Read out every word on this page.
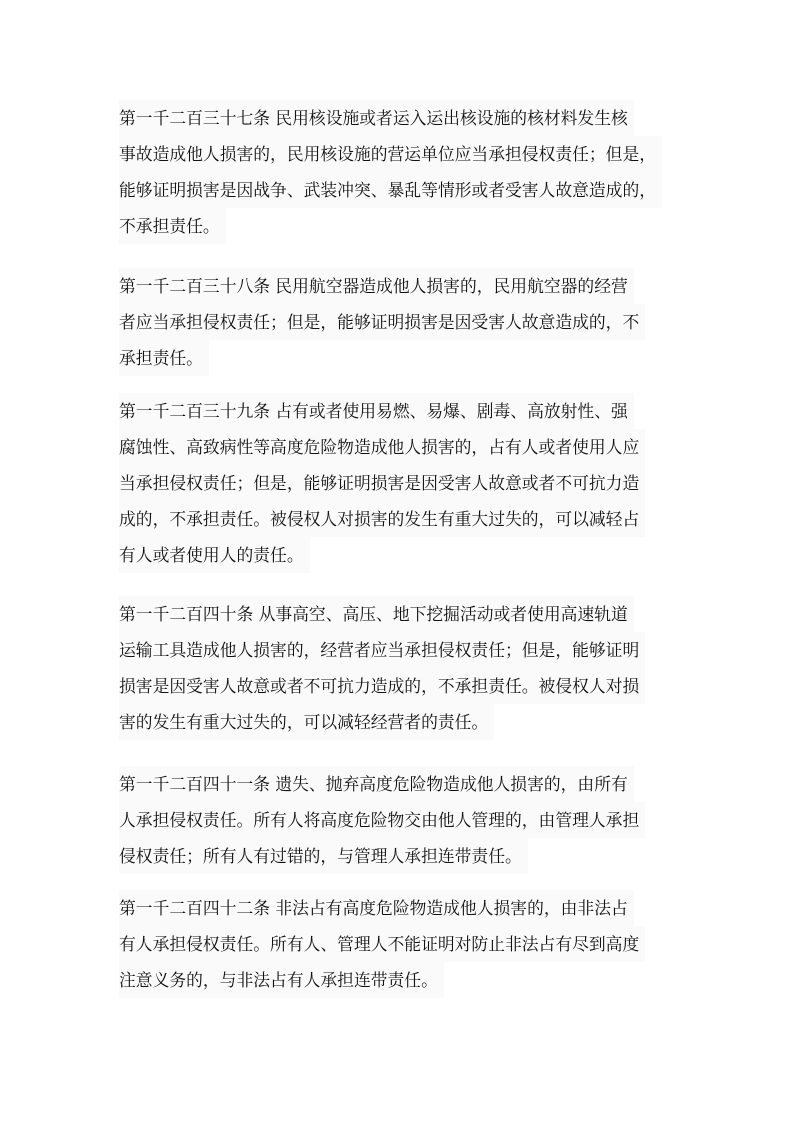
第一千二百三十七条 民用核设施或者运入运出核设施的核材料发生核
事故造成他人损害的，民用核设施的营运单位应当承担侵权责任；但是，
能够证明损害是因战争、武装冲突、暴乱等情形或者受害人故意造成的，
不承担责任。
第一千二百三十八条 民用航空器造成他人损害的，民用航空器的经营
者应当承担侵权责任；但是，能够证明损害是因受害人故意造成的，不
承担责任。
第一千二百三十九条 占有或者使用易燃、易爆、剧毒、高放射性、强
腐蚀性、高致病性等高度危险物造成他人损害的，占有人或者使用人应
当承担侵权责任；但是，能够证明损害是因受害人故意或者不可抗力造
成的，不承担责任。被侵权人对损害的发生有重大过失的，可以减轻占
有人或者使用人的责任。
第一千二百四十条 从事高空、高压、地下挖掘活动或者使用高速轨道
运输工具造成他人损害的，经营者应当承担侵权责任；但是，能够证明
损害是因受害人故意或者不可抗力造成的，不承担责任。被侵权人对损
害的发生有重大过失的，可以减轻经营者的责任。
第一千二百四十一条 遗失、抛弃高度危险物造成他人损害的，由所有
人承担侵权责任。所有人将高度危险物交由他人管理的，由管理人承担
侵权责任；所有人有过错的，与管理人承担连带责任。
第一千二百四十二条 非法占有高度危险物造成他人损害的，由非法占
有人承担侵权责任。所有人、管理人不能证明对防止非法占有尽到高度
注意义务的，与非法占有人承担连带责任。
